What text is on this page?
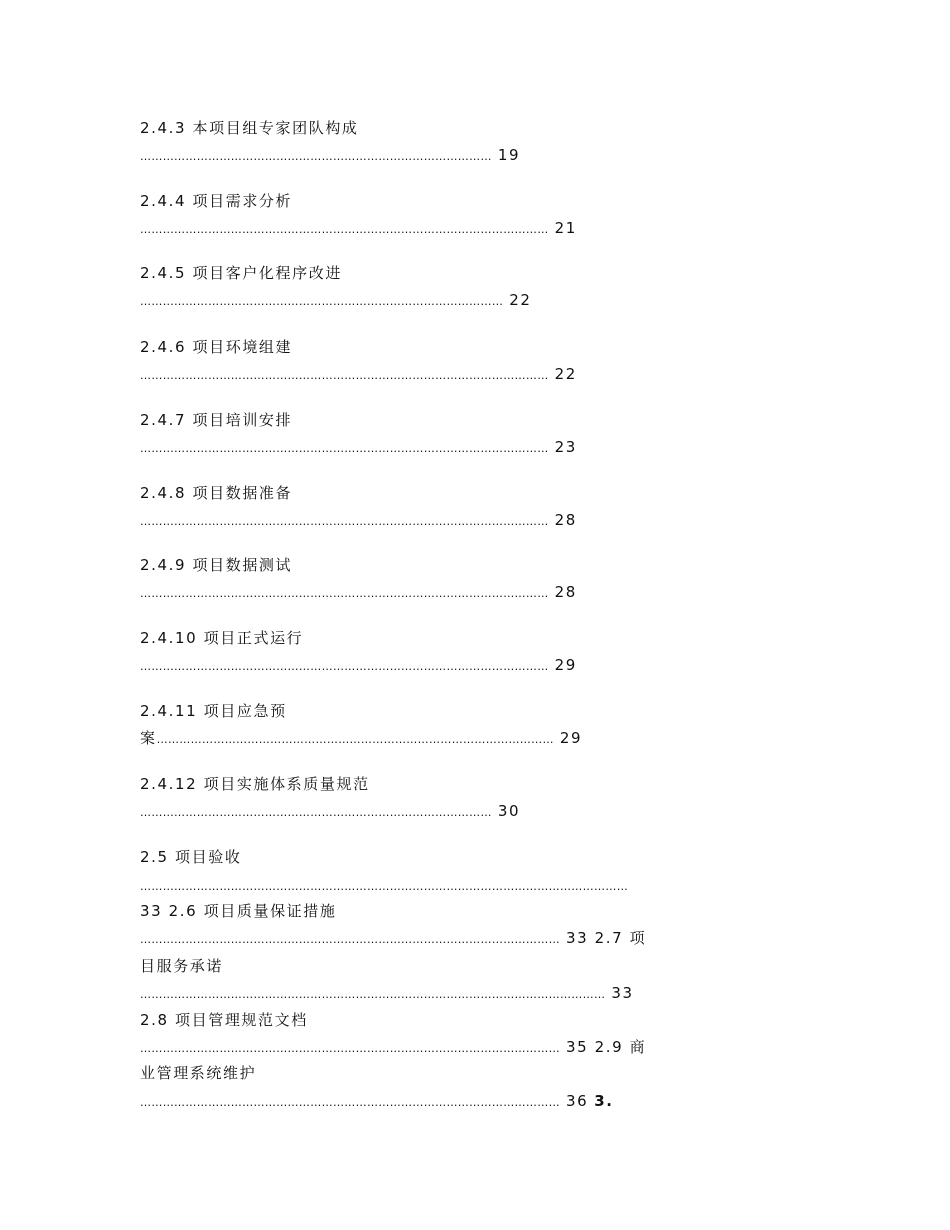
2.4.3 本项目组专家团队构成
………………………………………………………………………………… 19
2.4.4 项目需求分析
……………………………………………………………………………………………… 21
2.4.5 项目客户化程序改进
…………………………………………………………………………………… 22
2.4.6 项目环境组建
……………………………………………………………………………………………… 22
2.4.7 项目培训安排
……………………………………………………………………………………………… 23
2.4.8 项目数据准备
……………………………………………………………………………………………… 28
2.4.9 项目数据测试
……………………………………………………………………………………………… 28
2.4.10 项目正式运行
……………………………………………………………………………………………… 29
2.4.11 项目应急预
案…………………………………………………………………………………………… 29
2.4.12 项目实施体系质量规范
………………………………………………………………………………… 30
2.5 项目验收
…………………………………………………………………………………………………………………
33 2.6 项目质量保证措施
………………………………………………………………………………………………… 33 2.7 项
目服务承诺
…………………………………………………………………………………………………………… 33
2.8 项目管理规范文档
………………………………………………………………………………………………… 35 2.9 商
业管理系统维护
………………………………………………………………………………………………… 36 3.
